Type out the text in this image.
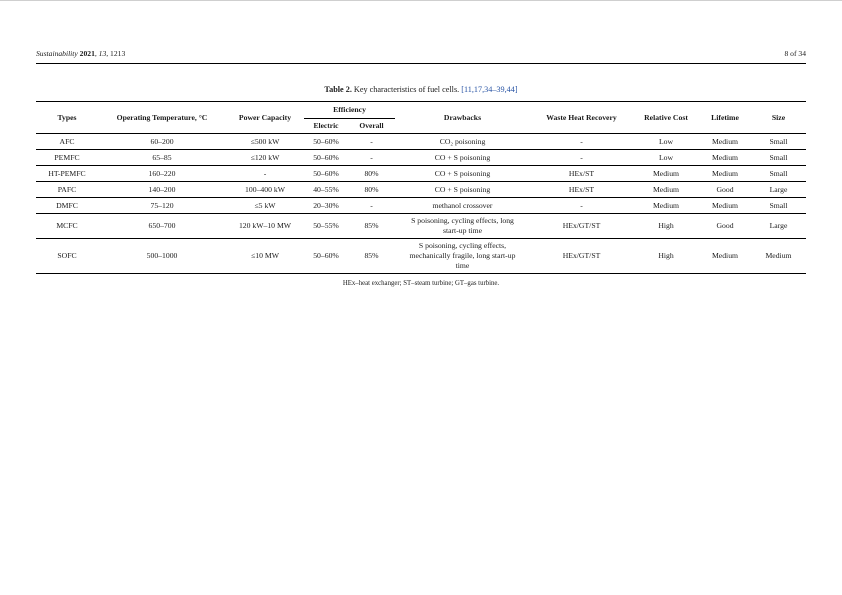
Sustainability 2021, 13, 1213	8 of 34
Table 2. Key characteristics of fuel cells. [11,17,34–39,44]
Types	Operating Temperature, °C	Power Capacity	Efficiency		Drawbacks	Waste Heat Recovery	Relative Cost	Lifetime	Size
			Electric	Overall					
AFC	60–200	≤500 kW	50–60%	-	CO₂ poisoning	-	Low	Medium	Small
PEMFC	65–85	≤120 kW	50–60%	-	CO + S poisoning	-	Low	Medium	Small
HT-PEMFC	160–220	-	50–60%	80%	CO + S poisoning	HEx/ST	Medium	Medium	Small
PAFC	140–200	100–400 kW	40–55%	80%	CO + S poisoning	HEx/ST	Medium	Good	Large
DMFC	75–120	≤5 kW	20–30%	-	methanol crossover	-	Medium	Medium	Small
MCFC	650–700	120 kW–10 MW	50–55%	85%	S poisoning, cycling effects, long start-up time	HEx/GT/ST	High	Good	Large
SOFC	500–1000	≤10 MW	50–60%	85%	S poisoning, cycling effects, mechanically fragile, long start-up time	HEx/GT/ST	High	Medium	Medium
HEx–heat exchanger; ST–steam turbine; GT–gas turbine.
